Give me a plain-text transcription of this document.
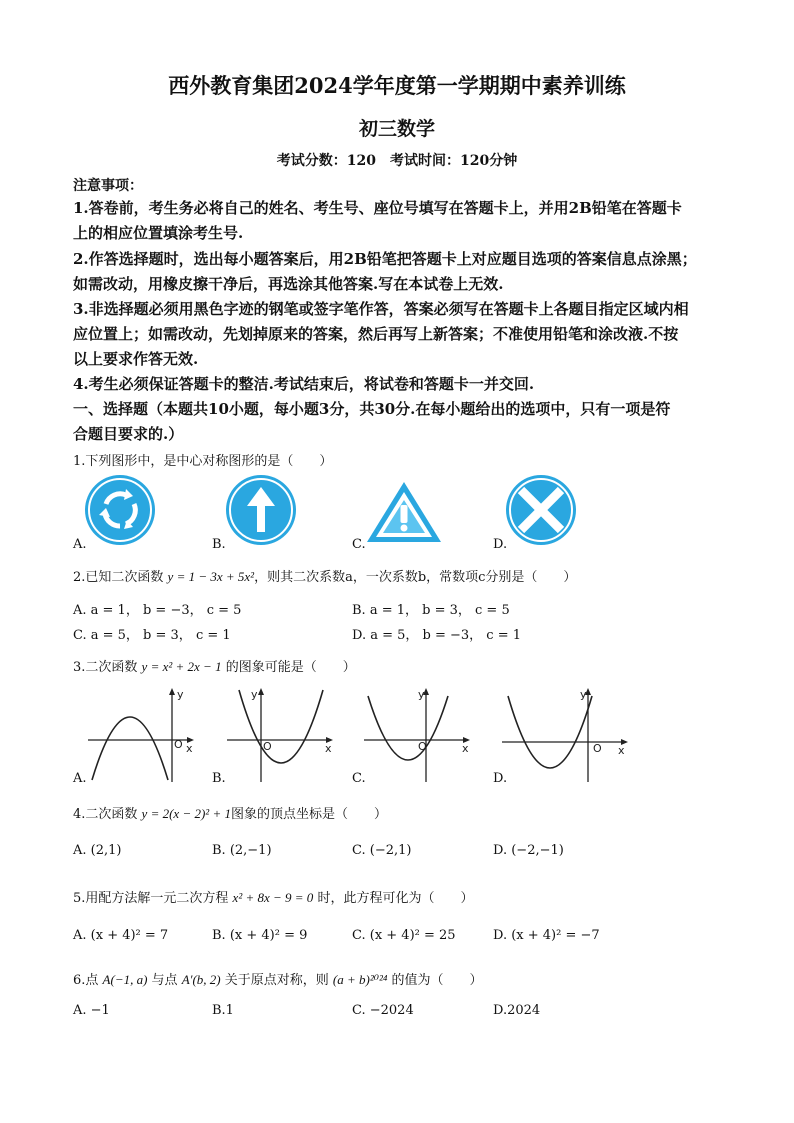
西外教育集团2024学年度第一学期期中素养训练
初三数学
考试分数：120　考试时间：120分钟
注意事项：
1.答卷前，考生务必将自己的姓名、考生号、座位号填写在答题卡上，并用2B铅笔在答题卡
上的相应位置填涂考生号.
2.作答选择题时，选出每小题答案后，用2B铅笔把答题卡上对应题目选项的答案信息点涂黑；
如需改动，用橡皮擦干净后，再选涂其他答案.写在本试卷上无效.
3.非选择题必须用黑色字迹的钢笔或签字笔作答，答案必须写在答题卡上各题目指定区域内相
应位置上；如需改动，先划掉原来的答案，然后再写上新答案；不准使用铅笔和涂改液.不按
以上要求作答无效.
4.考生必须保证答题卡的整洁.考试结束后，将试卷和答题卡一并交回.
一、选择题（本题共10小题，每小题3分，共30分.在每小题给出的选项中，只有一项是符
合题目要求的.）
1.下列图形中，是中心对称图形的是（　　）
A.	B.	C.	D.
2.已知二次函数 y = 1 − 3x + 5x²，则其二次系数a，一次系数b，常数项c分别是（　　）
A. a = 1， b = −3， c = 5	B. a = 1， b = 3， c = 5
C. a = 5， b = 3， c = 1	D. a = 5， b = −3， c = 1
3.二次函数 y = x² + 2x − 1 的图象可能是（　　）
y
x
O
y
x
O
y
x
O
y
x
O
A.	B.	C.	D.
4.二次函数 y = 2(x − 2)² + 1图象的顶点坐标是（　　）
A. (2,1)	B. (2,−1)	C. (−2,1)	D. (−2,−1)
5.用配方法解一元二次方程 x² + 8x − 9 = 0 时，此方程可化为（　　）
A. (x + 4)² = 7	B. (x + 4)² = 9	C. (x + 4)² = 25	D. (x + 4)² = −7
6.点 A(−1, a) 与点 A′(b, 2) 关于原点对称，则 (a + b)²⁰²⁴ 的值为（　　）
A. −1	B.1	C. −2024	D.2024
